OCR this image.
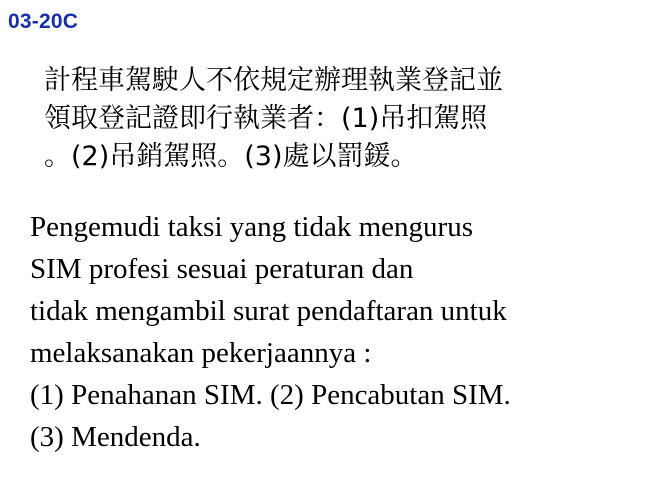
03-20C
計程車駕駛人不依規定辦理執業登記並
領取登記證即行執業者：(1)吊扣駕照
。(2)吊銷駕照。(3)處以罰鍰。
Pengemudi taksi yang tidak mengurus
SIM profesi sesuai peraturan dan
tidak mengambil surat pendaftaran untuk
melaksanakan pekerjaannya :
(1) Penahanan SIM. (2) Pencabutan SIM.
(3) Mendenda.
